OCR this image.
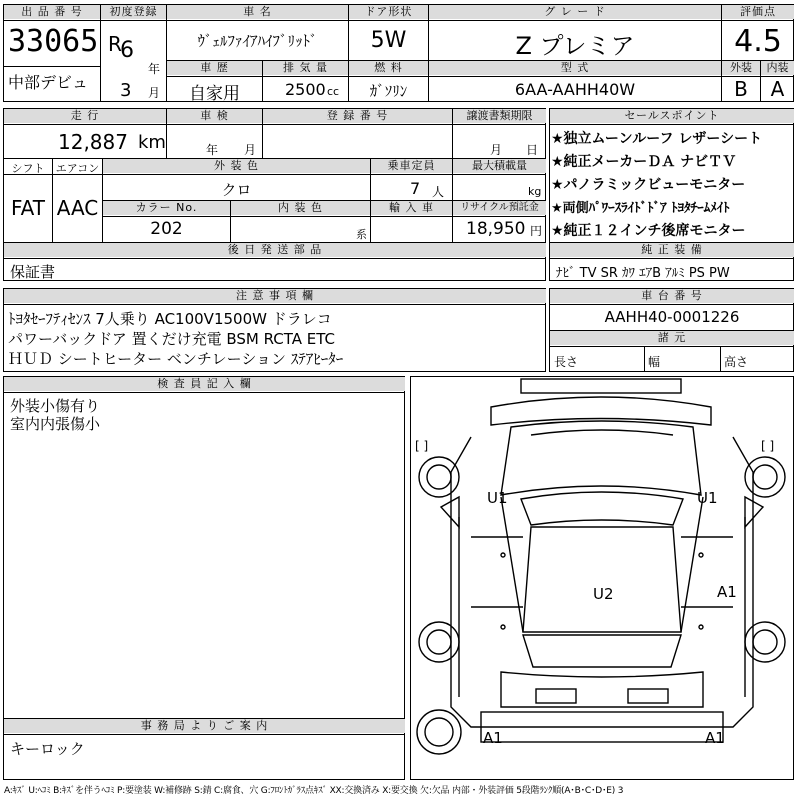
出 品 番 号
33065
中部デビュ
初度登録
R
6
年
3 月
車 名
ｳﾞｪﾙﾌｧｲｱﾊｲﾌﾞﾘｯﾄﾞ
ドア形状
5W
グ レ ー ド
Z プレミア
評価点
4.5
車 歴
自家用
排 気 量
2500 cc
燃 料
ｶﾞｿﾘﾝ
型 式
6AA-AAHH40W
外装	内装
B	A
走 行
12,887 km
車 検
年 月
登 録 番 号	譲渡書類期限
月 日
シフト
FAT
エアコン
AAC
外 装 色
クロ
乗車定員
7 人
最大積載量
kg
カラー No.
202
内 装 色
系
輸 入 車	リサイクル預託金
18,950 円
後 日 発 送 部 品
保証書
セールスポイント
★独立ムーンルーフ レザーシート
★純正メーカーＤＡ ナビＴＶ
★パノラミックビューモニター
★両側ﾊﾟﾜｰｽﾗｲﾄﾞﾄﾞｱ ﾄﾖﾀﾁｰﾑﾒｲﾄ
★純正１２インチ後席モニター
純 正 装 備
ﾅﾋﾞ TV SR ｶﾜ ｴｱB ｱﾙﾐ PS PW
注 意 事 項 欄
ﾄﾖﾀｾｰﾌﾃｨｾﾝｽ 7人乗り AC100V1500W ドラレコ
パワーバックドア 置くだけ充電 BSM RCTA ETC
ＨＵＤ シートヒーター ベンチレーション ｽﾃｱﾋｰﾀｰ
車 台 番 号
AAHH40-0001226
諸 元
長さ	幅	高さ
検 査 員 記 入 欄
外装小傷有り
室内内張傷小
事 務 局 よ り ご 案 内
キーロック
[ ]	[ ]
U1	U1
U2	A1
A1	A1
A:ｷｽﾞ U:ﾍｺﾐ B:ｷｽﾞを伴うﾍｺﾐ P:要塗装 W:補修跡 S:錆 C:腐食、穴 G:ﾌﾛﾝﾄｶﾞﾗｽ点ｷｽﾞ XX:交換済み X:要交換 欠:欠品 内部・外装評価 5段階ﾗﾝｸ順(A･B･C･D･E) 3
